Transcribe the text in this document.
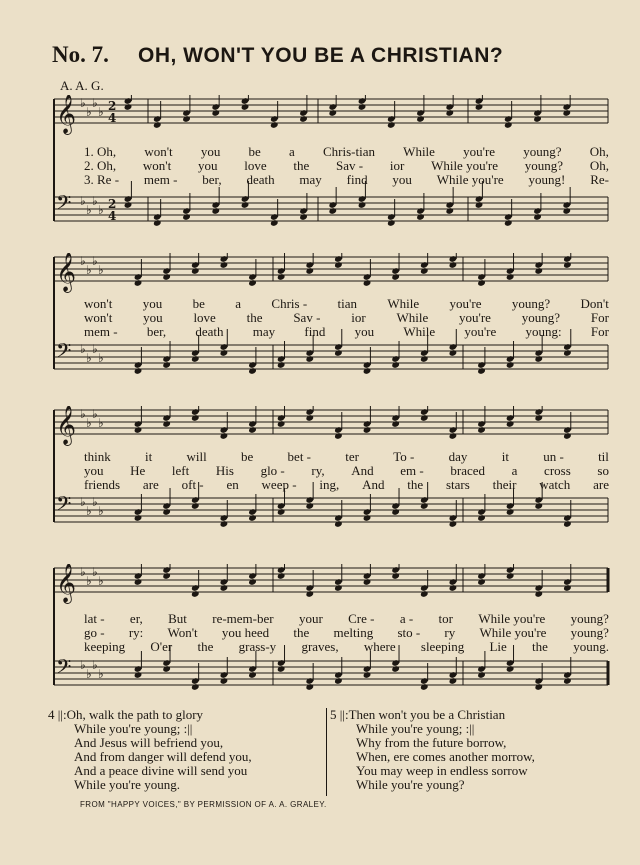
No. 7. OH, WON'T YOU BE A CHRISTIAN?
A. A. G.
𝄞 ♭
♭
♭
♭ 2
4
𝄢 ♭
♭
♭
♭ 2
4
1. Oh, won't you be a Chris-tian While you're young? Oh,
2. Oh, won't you love the Sav - ior While you're young? Oh,
3. Re - mem - ber, death may find you While you're young! Re-
𝄞 ♭
♭
♭
♭
𝄢 ♭
♭
♭
♭
won't you be a Chris - tian While you're young? Don't
won't you love the Sav - ior While you're young? For
mem - ber, death may find you While you're young: For
𝄞 ♭
♭
♭
♭
𝄢 ♭
♭
♭
♭
think	it	will	be	bet -	ter	To -	day	it	un -	til
you He left His glo - ry, And em - braced a cross so
friends are oft - en weep - ing, And the stars their watch are
𝄞 ♭
♭
♭
♭
𝄢 ♭
♭
♭
♭
lat - er, But re-mem-ber your Cre - a - tor While you're young?
go - ry: Won't you heed the melting sto - ry While you're young?
keeping O'er the grass-y graves, where sleeping Lie the young.
4 ||:Oh, walk the path to glory
While you're young; :||
And Jesus will befriend you,
And from danger will defend you,
And a peace divine will send you
While you're young.
5 ||:Then won't you be a Christian
While you're young; :||
Why from the future borrow,
When, ere comes another morrow,
You may weep in endless sorrow
While you're young?
FROM "HAPPY VOICES," BY PERMISSION OF A. A. GRALEY.
